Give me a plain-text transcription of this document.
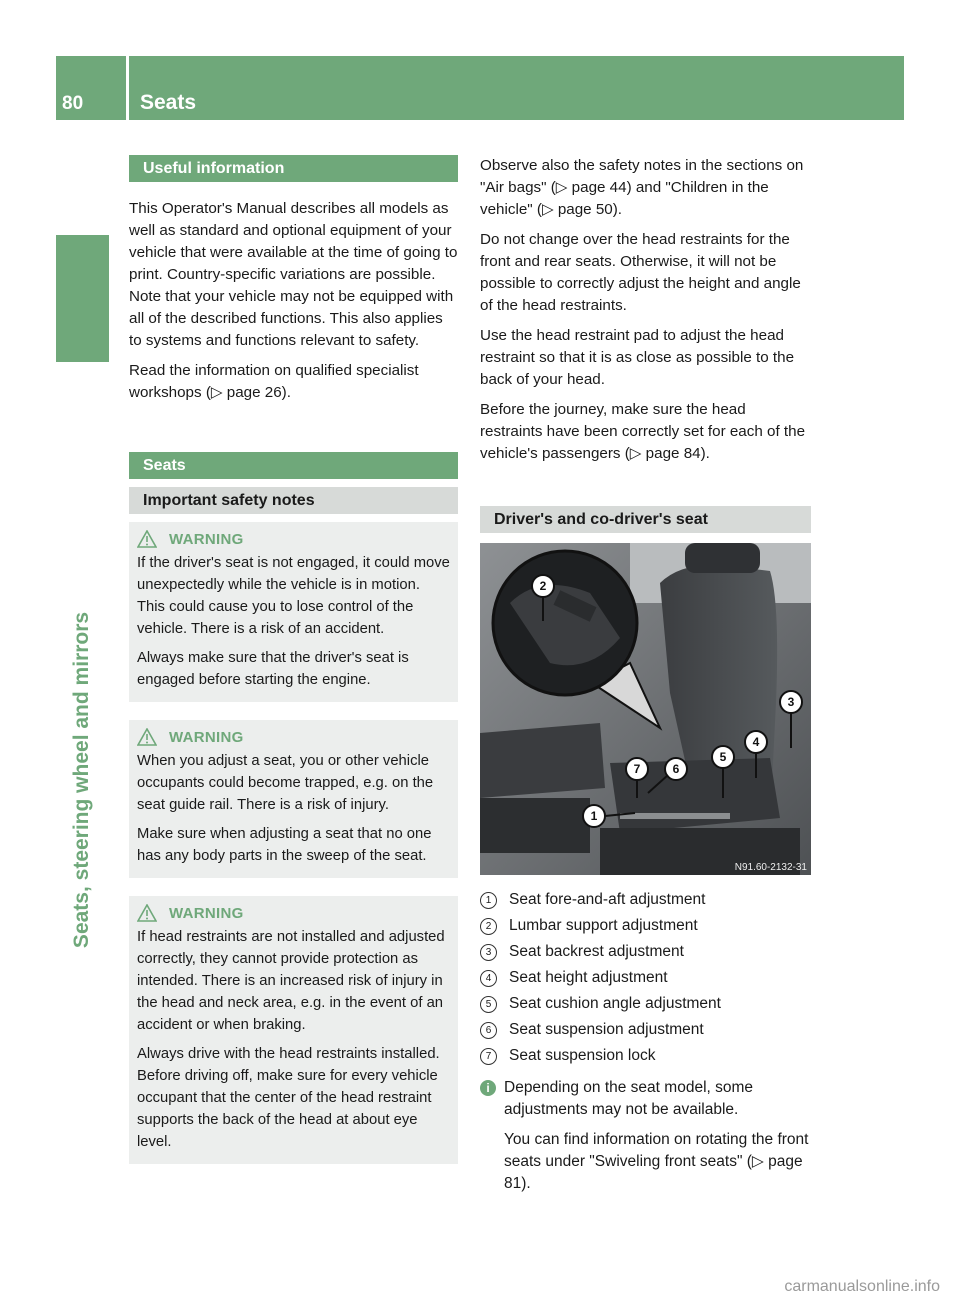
80	Seats
Seats, steering wheel and mirrors
Useful information

This Operator's Manual describes all models as well as standard and optional equipment of your vehicle that were available at the time of going to print. Country-specific variations are possible. Note that your vehicle may not be equipped with all of the described functions. This also applies to systems and functions relevant to safety.

Read the information on qualified specialist workshops (▷ page 26).

Seats
Important safety notes
WARNING

If the driver's seat is not engaged, it could move unexpectedly while the vehicle is in motion. This could cause you to lose control of the vehicle. There is a risk of an accident.

Always make sure that the driver's seat is engaged before starting the engine.

WARNING

When you adjust a seat, you or other vehicle occupants could become trapped, e.g. on the seat guide rail. There is a risk of injury.

Make sure when adjusting a seat that no one has any body parts in the sweep of the seat.

WARNING

If head restraints are not installed and adjusted correctly, they cannot provide protection as intended. There is an increased risk of injury in the head and neck area, e.g. in the event of an accident or when braking.

Always drive with the head restraints installed. Before driving off, make sure for every vehicle occupant that the center of the head restraint supports the back of the head at about eye level.

Observe also the safety notes in the sections on "Air bags" (▷ page 44) and "Children in the vehicle" (▷ page 50).

Do not change over the head restraints for the front and rear seats. Otherwise, it will not be possible to correctly adjust the height and angle of the head restraints.

Use the head restraint pad to adjust the head restraint so that it is as close as possible to the back of your head.

Before the journey, make sure the head restraints have been correctly set for each of the vehicle's passengers (▷ page 84).

Driver's and co-driver's seat
2
3
4
5
6
7
1
N91.60-2132-31
1	Seat fore-and-aft adjustment
2	Lumbar support adjustment
3	Seat backrest adjustment
4	Seat height adjustment
5	Seat cushion angle adjustment
6	Seat suspension adjustment
7	Seat suspension lock
i Depending on the seat model, some adjustments may not be available.

You can find information on rotating the front seats under "Swiveling front seats" (▷ page 81).

carmanualsonline.info
